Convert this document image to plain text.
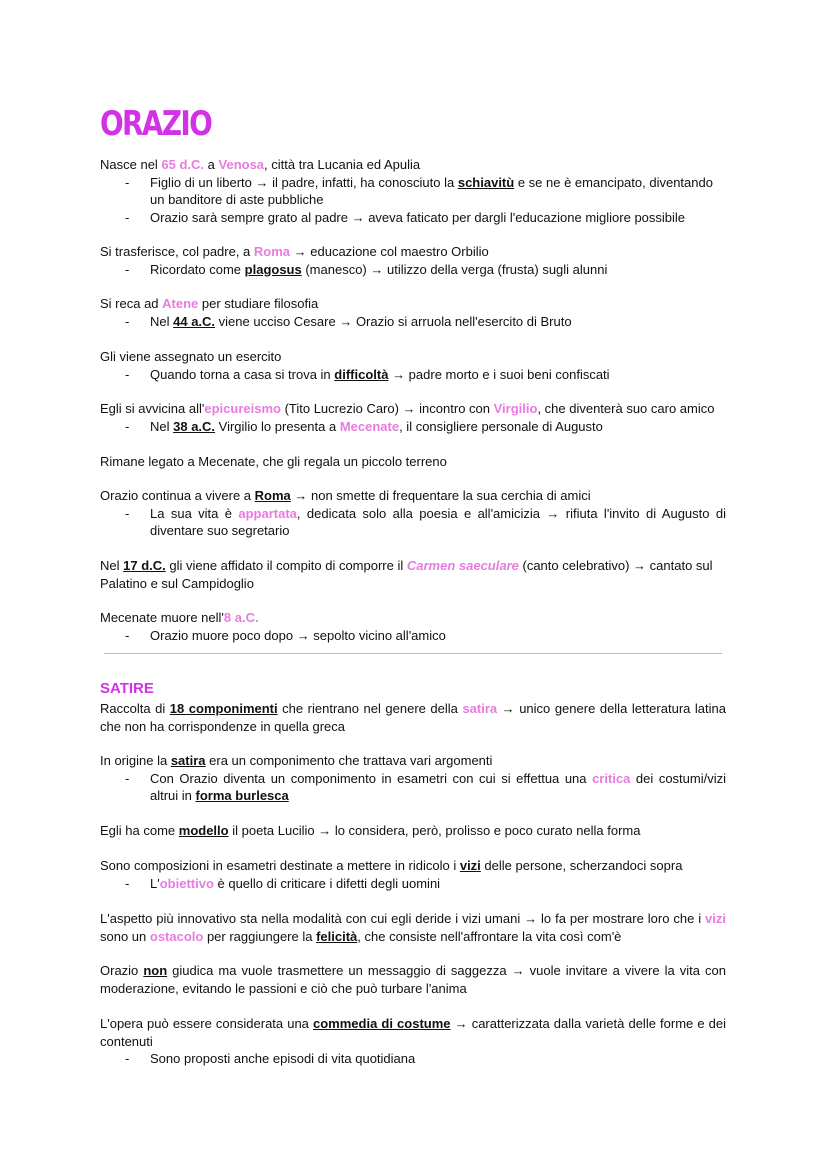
ORAZIO

Nasce nel 65 d.C. a Venosa, città tra Lucania ed Apulia

- Figlio di un liberto → il padre, infatti, ha conosciuto la schiavitù e se ne è emancipato, diventando un banditore di aste pubbliche

- Orazio sarà sempre grato al padre → aveva faticato per dargli l'educazione migliore possibile

Si trasferisce, col padre, a Roma → educazione col maestro Orbilio

- Ricordato come plagosus (manesco) → utilizzo della verga (frusta) sugli alunni

Si reca ad Atene per studiare filosofia

- Nel 44 a.C. viene ucciso Cesare → Orazio si arruola nell'esercito di Bruto

Gli viene assegnato un esercito

- Quando torna a casa si trova in difficoltà → padre morto e i suoi beni confiscati

Egli si avvicina all'epicureismo (Tito Lucrezio Caro) → incontro con Virgilio, che diventerà suo caro amico

- Nel 38 a.C. Virgilio lo presenta a Mecenate, il consigliere personale di Augusto

Rimane legato a Mecenate, che gli regala un piccolo terreno

Orazio continua a vivere a Roma → non smette di frequentare la sua cerchia di amici

- La sua vita è appartata, dedicata solo alla poesia e all'amicizia → rifiuta l'invito di Augusto di diventare suo segretario

Nel 17 d.C. gli viene affidato il compito di comporre il Carmen saeculare (canto celebrativo) → cantato sul Palatino e sul Campidoglio

Mecenate muore nell'8 a.C.

- Orazio muore poco dopo → sepolto vicino all'amico

SATIRE

Raccolta di 18 componimenti che rientrano nel genere della satira → unico genere della letteratura latina che non ha corrispondenze in quella greca

In origine la satira era un componimento che trattava vari argomenti

- Con Orazio diventa un componimento in esametri con cui si effettua una critica dei costumi/vizi altrui in forma burlesca

Egli ha come modello il poeta Lucilio → lo considera, però, prolisso e poco curato nella forma

Sono composizioni in esametri destinate a mettere in ridicolo i vizi delle persone, scherzandoci sopra

- L'obiettivo è quello di criticare i difetti degli uomini

L'aspetto più innovativo sta nella modalità con cui egli deride i vizi umani → lo fa per mostrare loro che i vizi sono un ostacolo per raggiungere la felicità, che consiste nell'affrontare la vita così com'è

Orazio non giudica ma vuole trasmettere un messaggio di saggezza → vuole invitare a vivere la vita con moderazione, evitando le passioni e ciò che può turbare l'anima

L'opera può essere considerata una commedia di costume → caratterizzata dalla varietà delle forme e dei contenuti

- Sono proposti anche episodi di vita quotidiana
